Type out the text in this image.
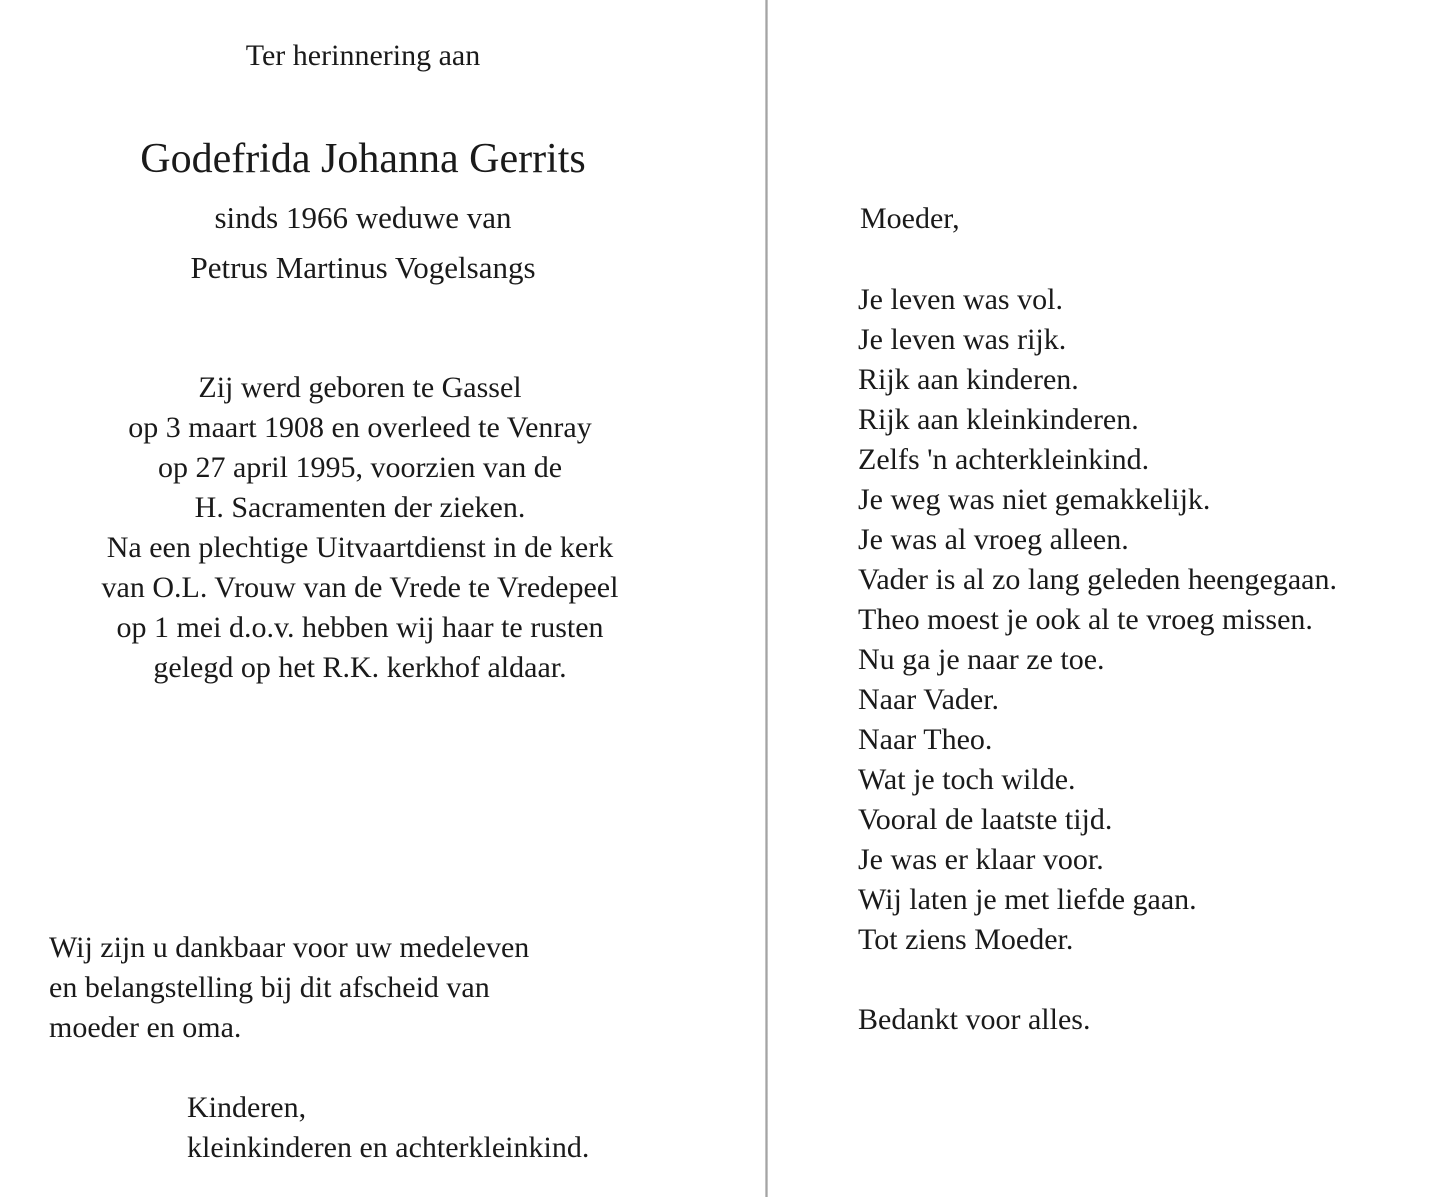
Ter herinnering aan
Godefrida Johanna Gerrits
sinds 1966 weduwe van
Petrus Martinus Vogelsangs
Zij werd geboren te Gassel
op 3 maart 1908 en overleed te Venray
op 27 april 1995, voorzien van de
H. Sacramenten der zieken.
Na een plechtige Uitvaartdienst in de kerk
van O.L. Vrouw van de Vrede te Vredepeel
op 1 mei d.o.v. hebben wij haar te rusten
gelegd op het R.K. kerkhof aldaar.
Wij zijn u dankbaar voor uw medeleven
en belangstelling bij dit afscheid van
moeder en oma.
Kinderen,
kleinkinderen en achterkleinkind.
Moeder,
Je leven was vol.
Je leven was rijk.
Rijk aan kinderen.
Rijk aan kleinkinderen.
Zelfs 'n achterkleinkind.
Je weg was niet gemakkelijk.
Je was al vroeg alleen.
Vader is al zo lang geleden heengegaan.
Theo moest je ook al te vroeg missen.
Nu ga je naar ze toe.
Naar Vader.
Naar Theo.
Wat je toch wilde.
Vooral de laatste tijd.
Je was er klaar voor.
Wij laten je met liefde gaan.
Tot ziens Moeder.
Bedankt voor alles.
